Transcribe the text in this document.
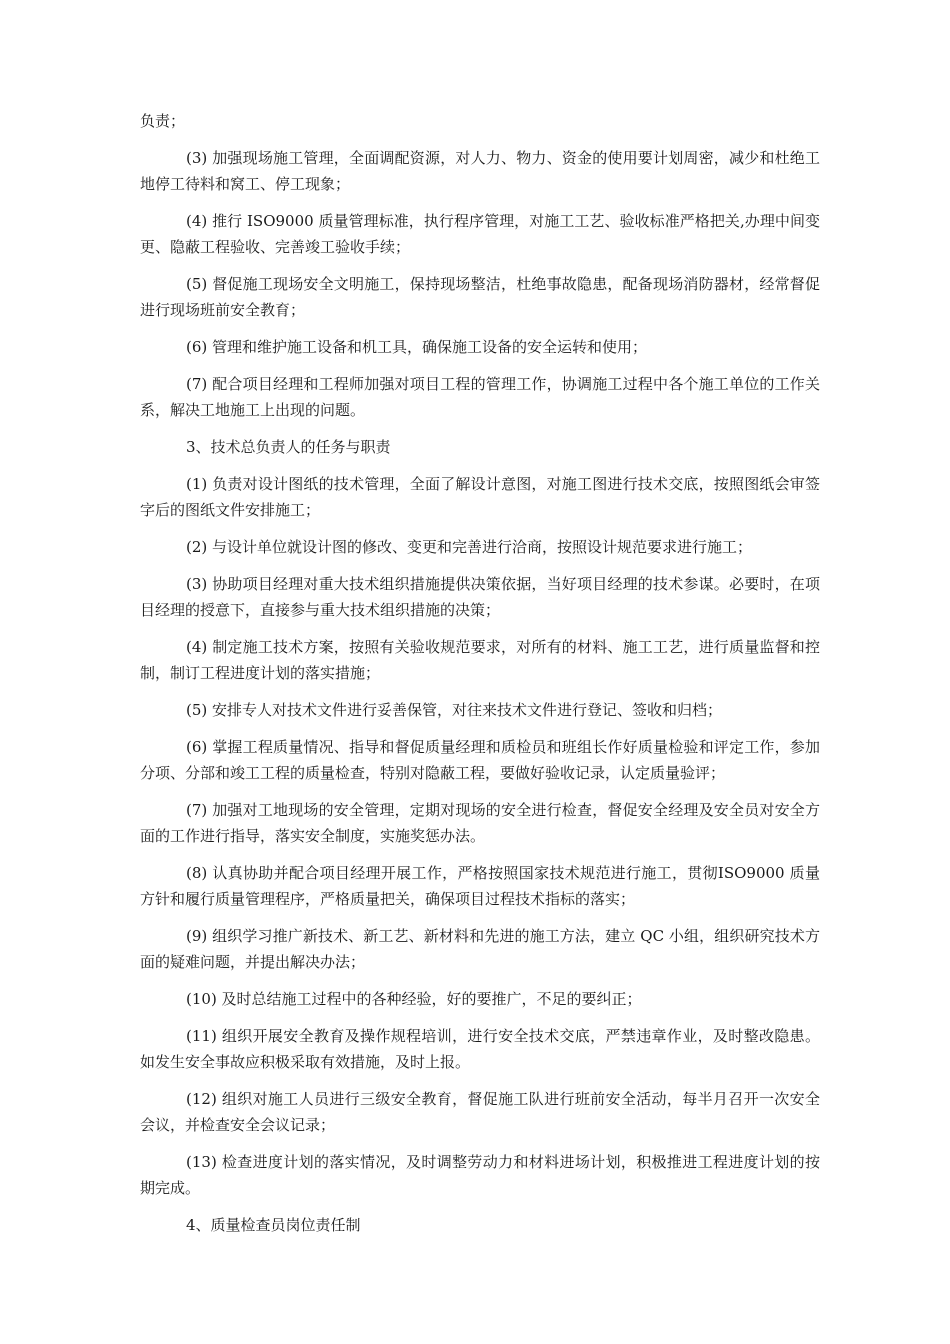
负责；

(3) 加强现场施工管理，全面调配资源，对人力、物力、资金的使用要计划周密，减少和杜绝工地停工待料和窝工、停工现象；

(4) 推行 ISO9000 质量管理标准，执行程序管理，对施工工艺、验收标准严格把关,办理中间变更、隐蔽工程验收、完善竣工验收手续；

(5) 督促施工现场安全文明施工，保持现场整洁，杜绝事故隐患，配备现场消防器材，经常督促进行现场班前安全教育；

(6) 管理和维护施工设备和机工具，确保施工设备的安全运转和使用；

(7) 配合项目经理和工程师加强对项目工程的管理工作，协调施工过程中各个施工单位的工作关系，解决工地施工上出现的问题。

3、技术总负责人的任务与职责

(1) 负责对设计图纸的技术管理，全面了解设计意图，对施工图进行技术交底，按照图纸会审签字后的图纸文件安排施工；

(2) 与设计单位就设计图的修改、变更和完善进行洽商，按照设计规范要求进行施工；

(3) 协助项目经理对重大技术组织措施提供决策依据，当好项目经理的技术参谋。必要时，在项目经理的授意下，直接参与重大技术组织措施的决策；

(4) 制定施工技术方案，按照有关验收规范要求，对所有的材料、施工工艺，进行质量监督和控制，制订工程进度计划的落实措施；

(5) 安排专人对技术文件进行妥善保管，对往来技术文件进行登记、签收和归档；

(6) 掌握工程质量情况、指导和督促质量经理和质检员和班组长作好质量检验和评定工作，参加分项、分部和竣工工程的质量检查，特别对隐蔽工程，要做好验收记录，认定质量验评；

(7) 加强对工地现场的安全管理，定期对现场的安全进行检查，督促安全经理及安全员对安全方面的工作进行指导，落实安全制度，实施奖惩办法。

(8) 认真协助并配合项目经理开展工作，严格按照国家技术规范进行施工，贯彻ISO9000 质量方针和履行质量管理程序，严格质量把关，确保项目过程技术指标的落实；

(9) 组织学习推广新技术、新工艺、新材料和先进的施工方法，建立 QC 小组，组织研究技术方面的疑难问题，并提出解决办法；

(10) 及时总结施工过程中的各种经验，好的要推广，不足的要纠正；

(11) 组织开展安全教育及操作规程培训，进行安全技术交底，严禁违章作业，及时整改隐患。如发生安全事故应积极采取有效措施，及时上报。

(12) 组织对施工人员进行三级安全教育，督促施工队进行班前安全活动，每半月召开一次安全会议，并检查安全会议记录；

(13) 检查进度计划的落实情况，及时调整劳动力和材料进场计划，积极推进工程进度计划的按期完成。

4、质量检查员岗位责任制
